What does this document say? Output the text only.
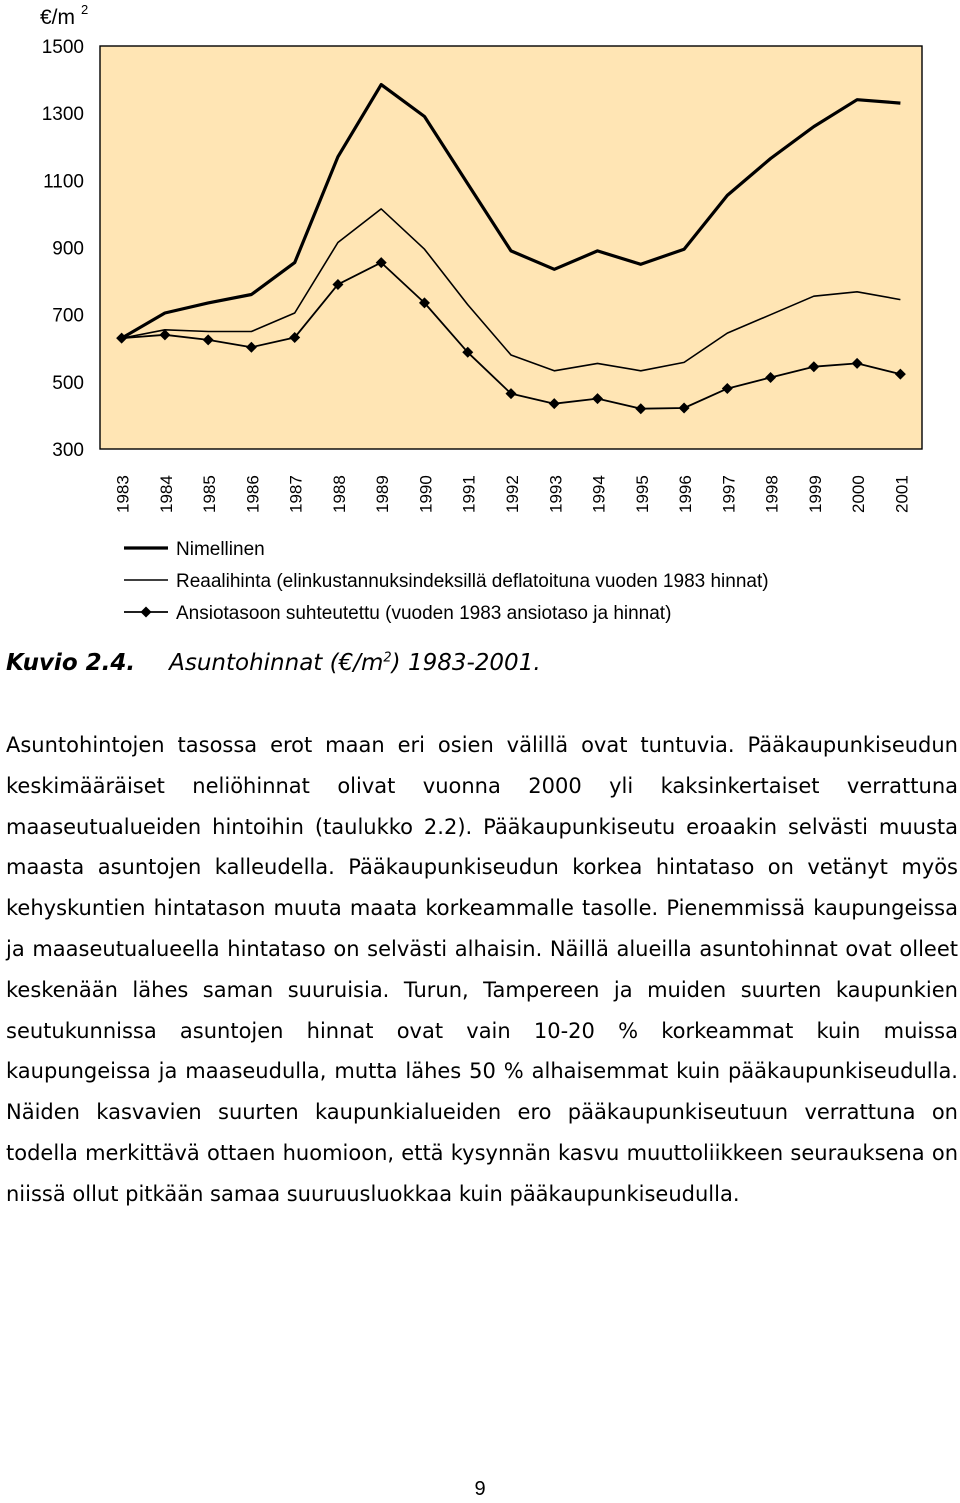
€/m 2
1500
1300
1100
900
700
500
300
1983 1984 1985 1986 1987 1988 1989 1990 1991 1992 1993 1994 1995 1996 1997 1998 1999 2000 2001
Nimellinen
Reaalihinta (elinkustannuksindeksillä deflatoituna vuoden 1983 hinnat)
Ansiotasoon suhteutettu (vuoden 1983 ansiotaso ja hinnat)
Kuvio 2.4. Asuntohinnat $(€/m^2)$ 1983-2001.

Asuntohintojen tasossa erot maan eri osien välillä ovat tuntuvia. Pääkaupunkiseudun keskimääräiset neliöhinnat olivat vuonna 2000 yli kaksinkertaiset verrattuna maaseutualueiden hintoihin (taulukko 2.2). Pääkaupunkiseutu eroaakin selvästi muusta maasta asuntojen kalleudella. Pääkaupunkiseudun korkea hintataso on vetänyt myös kehyskuntien hintatason muuta maata korkeammalle tasolle. Pienemmissä kaupungeissa ja maaseutualueella hintataso on selvästi alhaisin. Näillä alueilla asuntohinnat ovat olleet keskenään lähes saman suuruisia. Turun, Tampereen ja muiden suurten kaupunkien seutukunnissa asuntojen hinnat ovat vain 10-20 % korkeammat kuin muissa kaupungeissa ja maaseudulla, mutta lähes 50 % alhaisemmat kuin pääkaupunkiseudulla. Näiden kasvavien suurten kaupunkialueiden ero pääkaupunkiseutuun verrattuna on todella merkittävä ottaen huomioon, että kysynnän kasvu muuttoliikkeen seurauksena on niissä ollut pitkään samaa suuruusluokkaa kuin pääkaupunkiseudulla.

9
